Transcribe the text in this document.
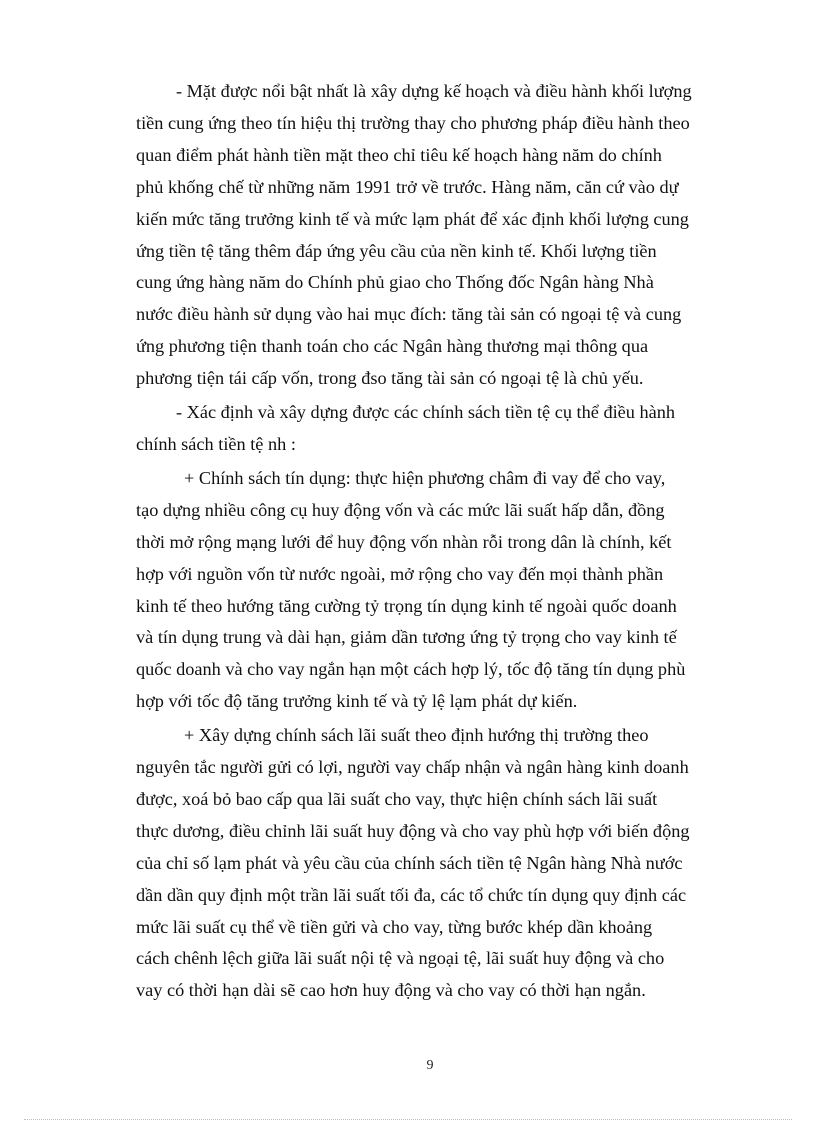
- Mặt được nổi bật nhất là xây dựng kế hoạch và điều hành khối lượng
tiền cung ứng theo tín hiệu thị trường thay cho phương pháp điều hành theo
quan điểm phát hành tiền mặt theo chỉ tiêu kế hoạch hàng năm do chính
phủ khống chế từ những năm 1991 trở về trước. Hàng năm, căn cứ vào dự
kiến mức tăng trưởng kinh tế và mức lạm phát để xác định khối lượng cung
ứng tiền tệ tăng thêm đáp ứng yêu cầu của nền kinh tế. Khối lượng tiền
cung ứng hàng năm do Chính phủ giao cho Thống đốc Ngân hàng Nhà
nước điều hành sử dụng vào hai mục đích: tăng tài sản có ngoại tệ và cung
ứng phương tiện thanh toán cho các Ngân hàng thương mại thông qua
phương tiện tái cấp vốn, trong đso tăng tài sản có ngoại tệ là chủ yếu.

- Xác định và xây dựng được các chính sách tiền tệ cụ thể điều hành
chính sách tiền tệ nh :

+ Chính sách tín dụng: thực hiện phương châm đi vay để cho vay,
tạo dựng nhiều công cụ huy động vốn và các mức lãi suất hấp dẫn, đồng
thời mở rộng mạng lưới để huy động vốn nhàn rỗi trong dân là chính, kết
hợp với nguồn vốn từ nước ngoài, mở rộng cho vay đến mọi thành phần
kinh tế theo hướng tăng cường tỷ trọng tín dụng kinh tế ngoài quốc doanh
và tín dụng trung và dài hạn, giảm dần tương ứng tỷ trọng cho vay kinh tế
quốc doanh và cho vay ngắn hạn một cách hợp lý, tốc độ tăng tín dụng phù
hợp với tốc độ tăng trưởng kinh tế và tỷ lệ lạm phát dự kiến.

+ Xây dựng chính sách lãi suất theo định hướng thị trường theo
nguyên tắc người gửi có lợi, người vay chấp nhận và ngân hàng kinh doanh
được, xoá bỏ bao cấp qua lãi suất cho vay, thực hiện chính sách lãi suất
thực dương, điều chỉnh lãi suất huy động và cho vay phù hợp với biến động
của chỉ số lạm phát và yêu cầu của chính sách tiền tệ Ngân hàng Nhà nước
dần dần quy định một trần lãi suất tối đa, các tổ chức tín dụng quy định các
mức lãi suất cụ thể về tiền gửi và cho vay, từng bước khép dần khoảng
cách chênh lệch giữa lãi suất nội tệ và ngoại tệ, lãi suất huy động và cho
vay có thời hạn dài sẽ cao hơn huy động và cho vay có thời hạn ngắn.

9
